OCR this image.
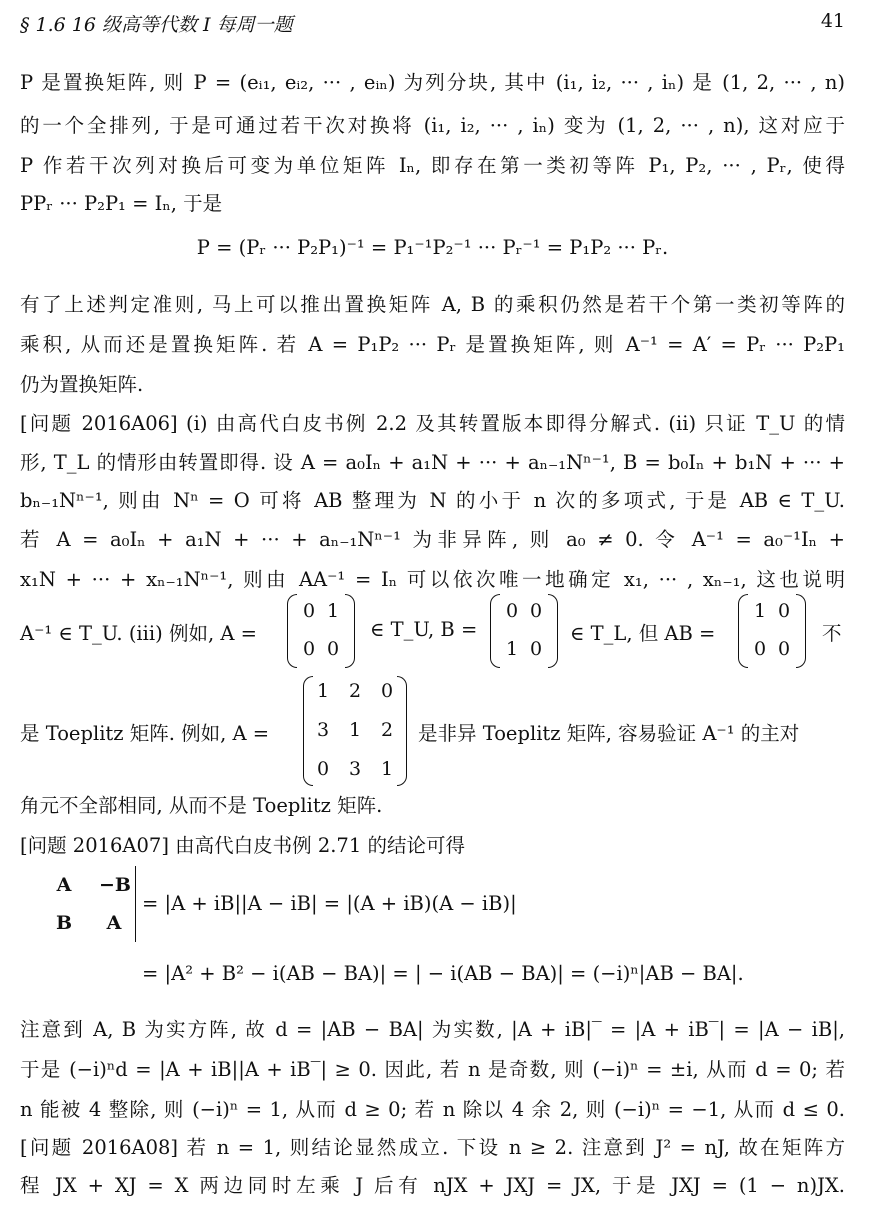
§ 1.6 16 级高等代数 I 每周一题	41
P 是置换矩阵, 则 P = (eᵢ₁, eᵢ₂, ··· , eᵢₙ) 为列分块, 其中 (i₁, i₂, ··· , iₙ) 是 (1, 2, ··· , n)
的一个全排列, 于是可通过若干次对换将 (i₁, i₂, ··· , iₙ) 变为 (1, 2, ··· , n), 这对应于
P 作若干次列对换后可变为单位矩阵 Iₙ, 即存在第一类初等阵 P₁, P₂, ··· , Pᵣ, 使得
PPᵣ ··· P₂P₁ = Iₙ, 于是
P = (Pᵣ ··· P₂P₁)⁻¹ = P₁⁻¹P₂⁻¹ ··· Pᵣ⁻¹ = P₁P₂ ··· Pᵣ.
有了上述判定准则, 马上可以推出置换矩阵 A, B 的乘积仍然是若干个第一类初等阵的
乘积, 从而还是置换矩阵. 若 A = P₁P₂ ··· Pᵣ 是置换矩阵, 则 A⁻¹ = A′ = Pᵣ ··· P₂P₁
仍为置换矩阵.
[问题 2016A06] (i) 由高代白皮书例 2.2 及其转置版本即得分解式. (ii) 只证 T_U 的情
形, T_L 的情形由转置即得. 设 A = a₀Iₙ + a₁N + ··· + aₙ₋₁Nⁿ⁻¹, B = b₀Iₙ + b₁N + ··· +
bₙ₋₁Nⁿ⁻¹, 则由 Nⁿ = O 可将 AB 整理为 N 的小于 n 次的多项式, 于是 AB ∈ T_U.
若 A = a₀Iₙ + a₁N + ··· + aₙ₋₁Nⁿ⁻¹ 为非异阵, 则 a₀ ≠ 0. 令 A⁻¹ = a₀⁻¹Iₙ +
x₁N + ··· + xₙ₋₁Nⁿ⁻¹, 则由 AA⁻¹ = Iₙ 可以依次唯一地确定 x₁, ··· , xₙ₋₁, 这也说明
A⁻¹ ∈ T_U. (iii) 例如, A =
0 1
0 0
∈ T_U, B =
0 0
1 0
∈ T_L, 但 AB =
1 0
0 0
不
是 Toeplitz 矩阵. 例如, A =
1	2	0
3	1	2
0	3	1
是非异 Toeplitz 矩阵, 容易验证 A⁻¹ 的主对
角元不全部相同, 从而不是 Toeplitz 矩阵.
[问题 2016A07] 由高代白皮书例 2.71 的结论可得
A −B
B A
= |A + iB||A − iB| = |(A + iB)(A − iB)|
= |A² + B² − i(AB − BA)| = | − i(AB − BA)| = (−i)ⁿ|AB − BA|.
注意到 A, B 为实方阵, 故 d = |AB − BA| 为实数, |A + iB|‾ = |A + iB‾| = |A − iB|,
于是 (−i)ⁿd = |A + iB||A + iB‾| ≥ 0. 因此, 若 n 是奇数, 则 (−i)ⁿ = ±i, 从而 d = 0; 若
n 能被 4 整除, 则 (−i)ⁿ = 1, 从而 d ≥ 0; 若 n 除以 4 余 2, 则 (−i)ⁿ = −1, 从而 d ≤ 0.
[问题 2016A08] 若 n = 1, 则结论显然成立. 下设 n ≥ 2. 注意到 J² = nJ, 故在矩阵方
程 JX + XJ = X 两边同时左乘 J 后有 nJX + JXJ = JX, 于是 JXJ = (1 − n)JX.
